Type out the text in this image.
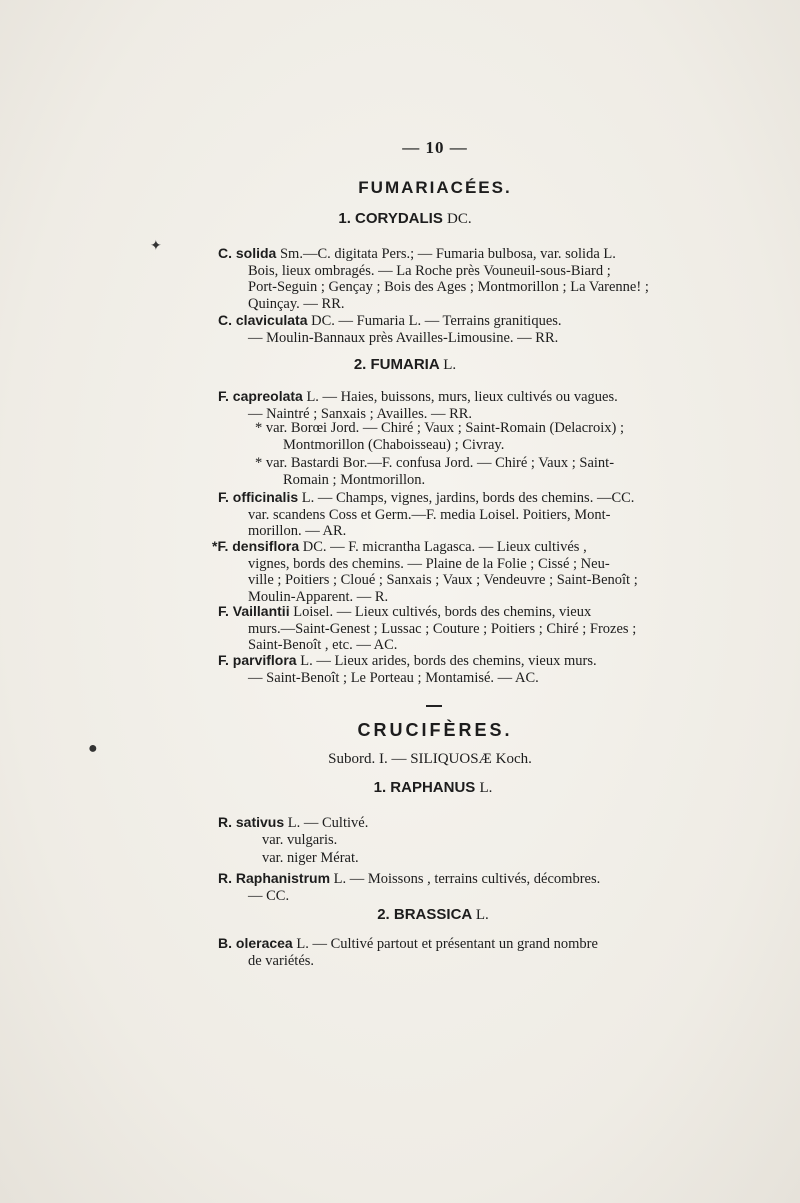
— 10 —
FUMARIACÉES.
1. CORYDALIS DC.
✦	C. solida Sm.—C. digitata Pers.; — Fumaria bulbosa, var. solida L.
Bois, lieux ombragés. — La Roche près Vouneuil-sous-Biard ;
Port-Seguin ; Gençay ; Bois des Ages ; Montmorillon ; La Varenne! ;
Quinçay. — RR.
C. claviculata DC. — Fumaria L. — Terrains granitiques.
— Moulin-Bannaux près Availles-Limousine. — RR.
2. FUMARIA L.
F. capreolata L. — Haies, buissons, murs, lieux cultivés ou vagues.
— Naintré ; Sanxais ; Availles. — RR.
* var. Borœi Jord. — Chiré ; Vaux ; Saint-Romain (Delacroix) ;
Montmorillon (Chaboisseau) ; Civray.
* var. Bastardi Bor.—F. confusa Jord. — Chiré ; Vaux ; Saint-
Romain ; Montmorillon.
F. officinalis L. — Champs, vignes, jardins, bords des chemins. —CC.
var. scandens Coss et Germ.—F. media Loisel. Poitiers, Mont-
morillon. — AR.
*F. densiflora DC. — F. micrantha Lagasca. — Lieux cultivés ,
vignes, bords des chemins. — Plaine de la Folie ; Cissé ; Neu-
ville ; Poitiers ; Cloué ; Sanxais ; Vaux ; Vendeuvre ; Saint-Benoît ;
Moulin-Apparent. — R.
F. Vaillantii Loisel. — Lieux cultivés, bords des chemins, vieux
murs.—Saint-Genest ; Lussac ; Couture ; Poitiers ; Chiré ; Frozes ;
Saint-Benoît , etc. — AC.
F. parviflora L. — Lieux arides, bords des chemins, vieux murs.
— Saint-Benoît ; Le Porteau ; Montamisé. — AC.
CRUCIFÈRES.
●
Subord. I. — SILIQUOSÆ Koch.
1. RAPHANUS L.
R. sativus L. — Cultivé.
var. vulgaris.
var. niger Mérat.
R. Raphanistrum L. — Moissons , terrains cultivés, décombres.
— CC.
2. BRASSICA L.
B. oleracea L. — Cultivé partout et présentant un grand nombre
de variétés.
